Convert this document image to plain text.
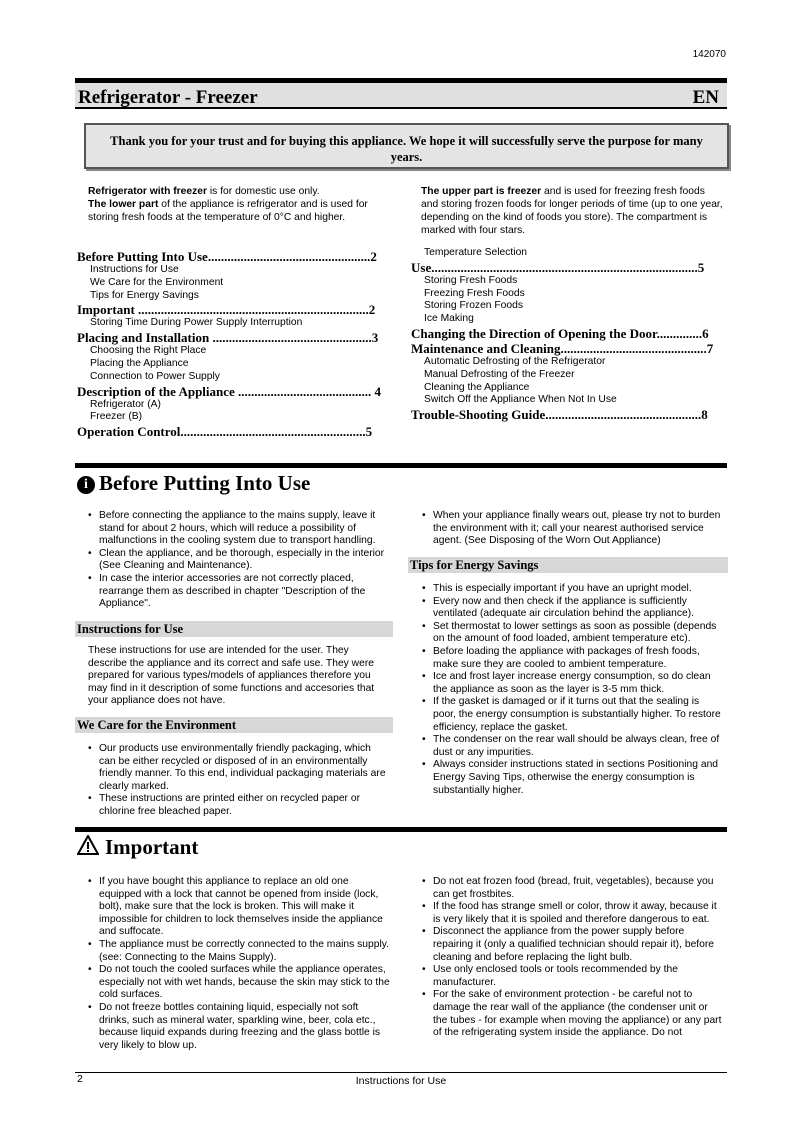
142070
Refrigerator - Freezer	EN
Thank you for your trust and for buying this appliance. We hope it will successfully serve the purpose for many years.
Refrigerator with freezer is for domestic use only.
The lower part of the appliance is refrigerator and is used for storing fresh foods at the temperature of 0°C and higher.
The upper part is freezer and is used for freezing fresh foods and storing frozen foods for longer periods of time (up to one year, depending on the kind of foods you store). The compartment is marked with four stars.
Before Putting Into Use..................................................2
Instructions for Use
We Care for the Environment
Tips for Energy Savings
Important .......................................................................2
Storing Time During Power Supply Interruption
Placing and Installation .................................................3
Choosing the Right Place
Placing the Appliance
Connection to Power Supply
Description of the Appliance ......................................... 4
Refrigerator (A)
Freezer (B)
Operation Control.........................................................5
Temperature Selection
Use..................................................................................5
Storing Fresh Foods
Freezing Fresh Foods
Storing Frozen Foods
Ice Making
Changing the Direction of Opening the Door..............6
Maintenance and Cleaning.............................................7
Automatic Defrosting of the Refrigerator
Manual Defrosting of the Freezer
Cleaning the Appliance
Switch Off the Appliance When Not In Use
Trouble-Shooting Guide................................................8
i Before Putting Into Use
• Before connecting the appliance to the mains supply, leave it stand for about 2 hours, which will reduce a possibility of malfunctions in the cooling system due to transport handling.
• Clean the appliance, and be thorough, especially in the interior (See Cleaning and Maintenance).
• In case the interior accessories are not correctly placed, rearrange them as described in chapter "Description of the Appliance".
Instructions for Use
These instructions for use are intended for the user. They describe the appliance and its correct and safe use. They were prepared for various types/models of appliances therefore you may find in it description of some functions and accesories that your appliance does not have.
We Care for the Environment
• Our products use environmentally friendly packaging, which can be either recycled or disposed of in an environmentally friendly manner. To this end, individual packaging materials are clearly marked.
• These instructions are printed either on recycled paper or chlorine free bleached paper.
• When your appliance finally wears out, please try not to burden the environment with it; call your nearest authorised service agent. (See Disposing of the Worn Out Appliance)
Tips for Energy Savings
• This is especially important if you have an upright model.
• Every now and then check if the appliance is sufficiently ventilated (adequate air circulation behind the appliance).
• Set thermostat to lower settings as soon as possible (depends on the amount of food loaded, ambient temperature etc).
• Before loading the appliance with packages of fresh foods, make sure they are cooled to ambient temperature.
• Ice and frost layer increase energy consumption, so do clean the appliance as soon as the layer is 3-5 mm thick.
• If the gasket is damaged or if it turns out that the sealing is poor, the energy consumption is substantially higher. To restore efficiency, replace the gasket.
• The condenser on the rear wall should be always clean, free of dust or any impurities.
• Always consider instructions stated in sections Positioning and Energy Saving Tips, otherwise the energy consumption is substantially higher.
Important
• If you have bought this appliance to replace an old one equipped with a lock that cannot be opened from inside (lock, bolt), make sure that the lock is broken. This will make it impossible for children to lock themselves inside the appliance and suffocate.
• The appliance must be correctly connected to the mains supply. (see: Connecting to the Mains Supply).
• Do not touch the cooled surfaces while the appliance operates, especially not with wet hands, because the skin may stick to the cold surfaces.
• Do not freeze bottles containing liquid, especially not soft drinks, such as mineral water, sparkling wine, beer, cola etc., because liquid expands during freezing and the glass bottle is very likely to blow up.
• Do not eat frozen food (bread, fruit, vegetables), because you can get frostbites.
• If the food has strange smell or color, throw it away, because it is very likely that it is spoiled and therefore dangerous to eat.
• Disconnect the appliance from the power supply before repairing it (only a qualified technician should repair it), before cleaning and before replacing the light bulb.
• Use only enclosed tools or tools recommended by the manufacturer.
• For the sake of environment protection - be careful not to damage the rear wall of the appliance (the condenser unit or the tubes - for example when moving the appliance) or any part of the refrigerating system inside the appliance. Do not
2	Instructions for Use
